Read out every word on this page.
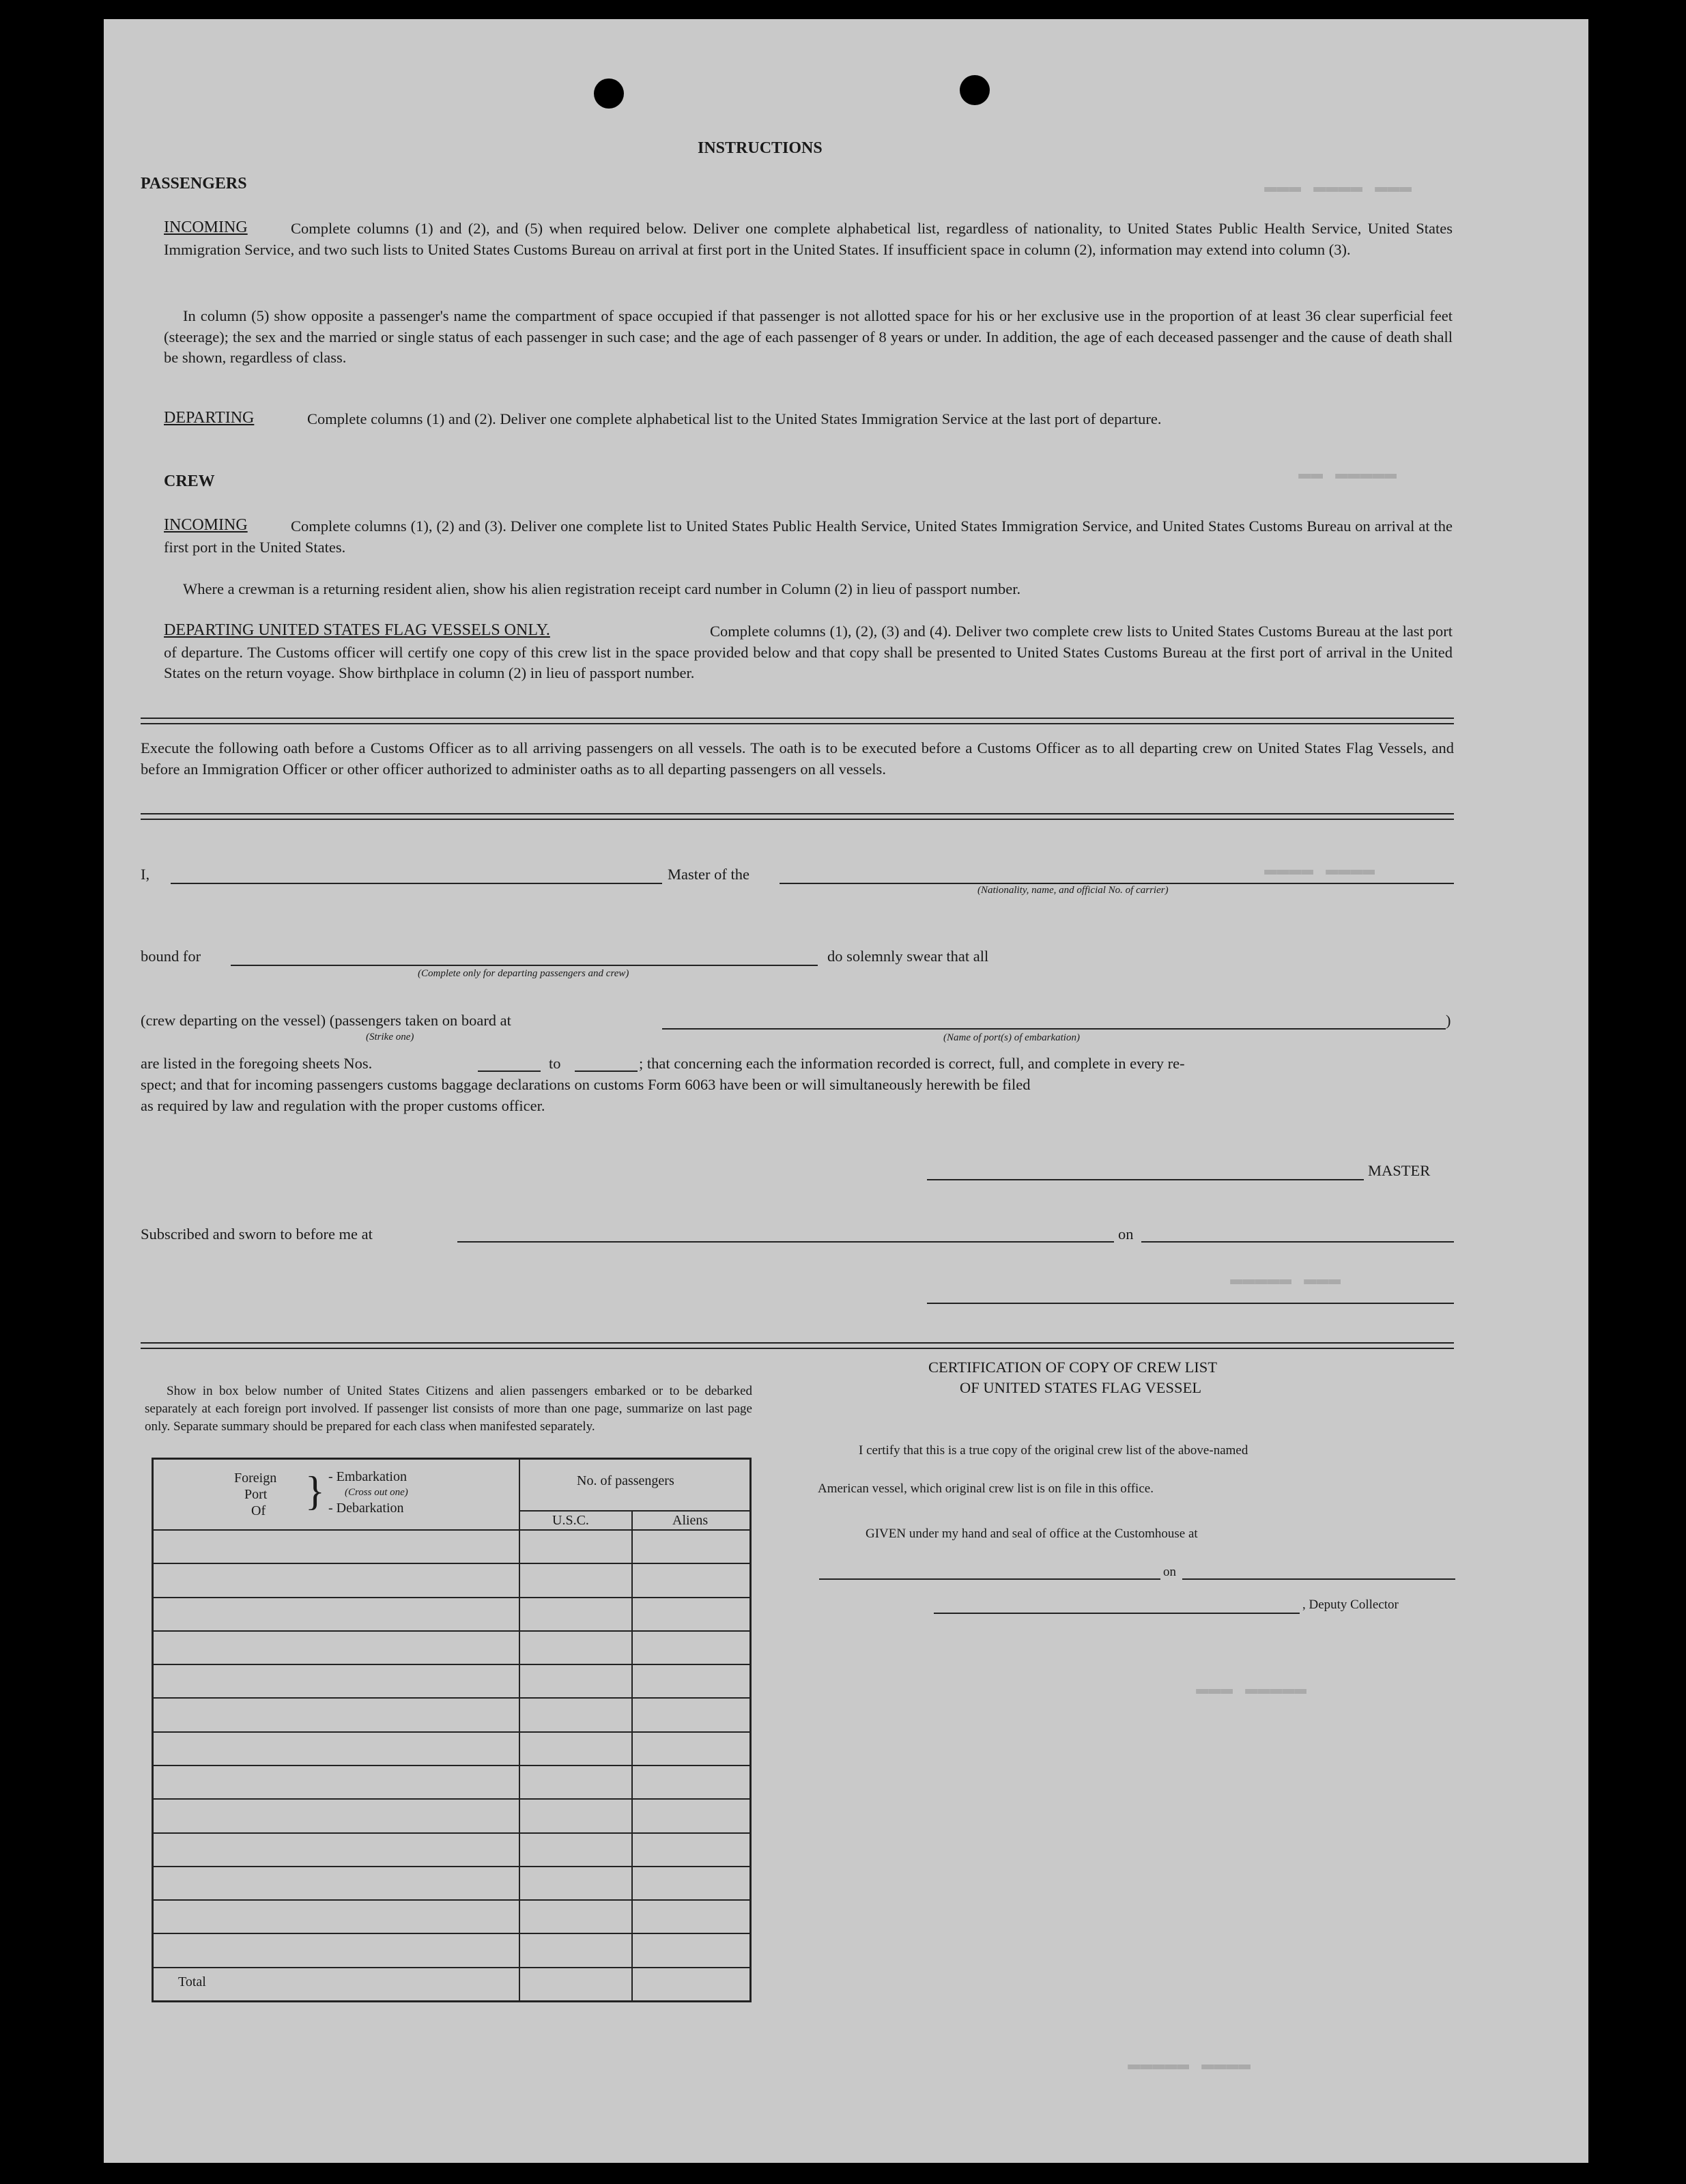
▬▬▬ ▬▬▬▬ ▬▬▬
▬▬▬▬▬ ▬▬
▬▬▬▬ ▬▬▬▬
▬▬▬ ▬▬▬▬▬
▬▬▬▬▬ ▬▬▬
▬▬▬▬ ▬▬▬▬▬
INSTRUCTIONS
PASSENGERS
INCOMING	Complete columns (1) and (2), and (5) when required below. Deliver one complete alphabetical list, regardless of nationality, to United States Public Health Service, United States Immigration Service, and two such lists to United States Customs Bureau on arrival at first port in the United States. If insufficient space in column (2), information may extend into column (3).
In column (5) show opposite a passenger's name the compartment of space occupied if that passenger is not allotted space for his or her exclusive use in the proportion of at least 36 clear superficial feet (steerage); the sex and the married or single status of each passenger in such case; and the age of each passenger of 8 years or under. In addition, the age of each deceased passenger and the cause of death shall be shown, regardless of class.
DEPARTING	Complete columns (1) and (2). Deliver one complete alphabetical list to the United States Immigration Service at the last port of departure.
CREW
INCOMING	Complete columns (1), (2) and (3). Deliver one complete list to United States Public Health Service, United States Immigration Service, and United States Customs Bureau on arrival at the first port in the United States.
Where a crewman is a returning resident alien, show his alien registration receipt card number in Column (2) in lieu of passport number.
DEPARTING UNITED STATES FLAG VESSELS ONLY.	Complete columns (1), (2), (3) and (4). Deliver two complete crew lists to United States Customs Bureau at the last port of departure. The Customs officer will certify one copy of this crew list in the space provided below and that copy shall be presented to United States Customs Bureau at the first port of arrival in the United States on the return voyage. Show birthplace in column (2) in lieu of passport number.
Execute the following oath before a Customs Officer as to all arriving passengers on all vessels. The oath is to be executed before a Customs Officer as to all departing crew on United States Flag Vessels, and before an Immigration Officer or other officer authorized to administer oaths as to all departing passengers on all vessels.
I,	Master of the
(Nationality, name, and official No. of carrier)
bound for
(Complete only for departing passengers and crew)
do solemnly swear that all
(crew departing on the vessel) (passengers taken on board at
(Strike one)	(Name of port(s) of embarkation)
)
are listed in the foregoing sheets Nos.	to	; that concerning each the information recorded is correct, full, and complete in every re-
spect; and that for incoming passengers customs baggage declarations on customs Form 6063 have been or will simultaneously herewith be filed
as required by law and regulation with the proper customs officer.
MASTER
Subscribed and sworn to before me at	on
Show in box below number of United States Citizens and alien passengers embarked or to be debarked separately at each foreign port involved. If passenger list consists of more than one page, summarize on last page only. Separate summary should be prepared for each class when manifested separately.
Foreign
Port
Of } - Embarkation
(Cross out one)
- Debarkation
No. of passengers
U.S.C.	Aliens
Total
CERTIFICATION OF COPY OF CREW LIST
OF UNITED STATES FLAG VESSEL
I certify that this is a true copy of the original crew list of the above-named
American vessel, which original crew list is on file in this office.
GIVEN under my hand and seal of office at the Customhouse at
on
, Deputy Collector
